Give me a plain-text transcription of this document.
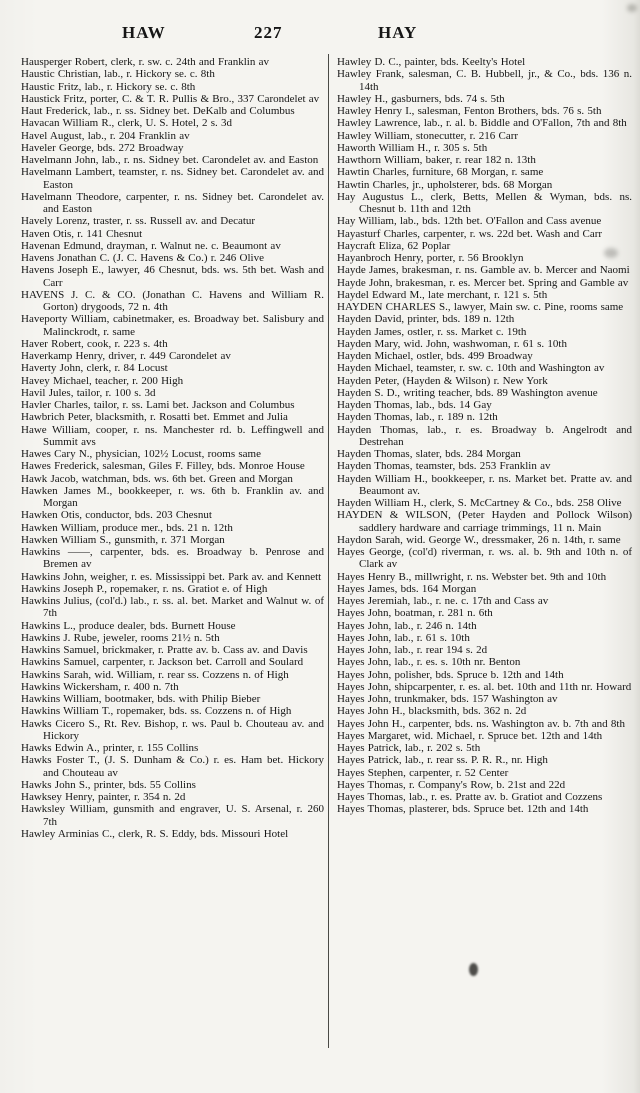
HAW	227	HAY

Hausperger Robert, clerk, r. sw. c. 24th and Franklin av

Haustic Christian, lab., r. Hickory se. c. 8th

Haustic Fritz, lab., r. Hickory se. c. 8th

Haustick Fritz, porter, C. & T. R. Pullis & Bro., 337 Carondelet av

Haut Frederick, lab., r. ss. Sidney bet. DeKalb and Columbus

Havacan William R., clerk, U. S. Hotel, 2 s. 3d

Havel August, lab., r. 204 Franklin av

Haveler George, bds. 272 Broadway

Havelmann John, lab., r. ns. Sidney bet. Carondelet av. and Easton

Havelmann Lambert, teamster, r. ns. Sidney bet. Carondelet av. and Easton

Havelmann Theodore, carpenter, r. ns. Sidney bet. Carondelet av. and Easton

Havely Lorenz, traster, r. ss. Russell av. and Decatur

Haven Otis, r. 141 Chesnut

Havenan Edmund, drayman, r. Walnut ne. c. Beaumont av

Havens Jonathan C. (J. C. Havens & Co.) r. 246 Olive

Havens Joseph E., lawyer, 46 Chesnut, bds. ws. 5th bet. Wash and Carr

HAVENS J. C. & CO. (Jonathan C. Havens and William R. Gorton) drygoods, 72 n. 4th

Haveporty William, cabinetmaker, es. Broadway bet. Salisbury and Malinckrodt, r. same

Haver Robert, cook, r. 223 s. 4th

Haverkamp Henry, driver, r. 449 Carondelet av

Haverty John, clerk, r. 84 Locust

Havey Michael, teacher, r. 200 High

Havil Jules, tailor, r. 100 s. 3d

Havler Charles, tailor, r. ss. Lami bet. Jackson and Columbus

Hawbrich Peter, blacksmith, r. Rosatti bet. Emmet and Julia

Hawe William, cooper, r. ns. Manchester rd. b. Leffingwell and Summit avs

Hawes Cary N., physician, 102½ Locust, rooms same

Hawes Frederick, salesman, Giles F. Filley, bds. Monroe House

Hawk Jacob, watchman, bds. ws. 6th bet. Green and Morgan

Hawken James M., bookkeeper, r. ws. 6th b. Franklin av. and Morgan

Hawken Otis, conductor, bds. 203 Chesnut

Hawken William, produce mer., bds. 21 n. 12th

Hawken William S., gunsmith, r. 371 Morgan

Hawkins ——, carpenter, bds. es. Broadway b. Penrose and Bremen av

Hawkins John, weigher, r. es. Mississippi bet. Park av. and Kennett

Hawkins Joseph P., ropemaker, r. ns. Gratiot e. of High

Hawkins Julius, (col'd.) lab., r. ss. al. bet. Market and Walnut w. of 7th

Hawkins L., produce dealer, bds. Burnett House

Hawkins J. Rube, jeweler, rooms 21½ n. 5th

Hawkins Samuel, brickmaker, r. Pratte av. b. Cass av. and Davis

Hawkins Samuel, carpenter, r. Jackson bet. Carroll and Soulard

Hawkins Sarah, wid. William, r. rear ss. Cozzens n. of High

Hawkins Wickersham, r. 400 n. 7th

Hawkins William, bootmaker, bds. with Philip Bieber

Hawkins William T., ropemaker, bds. ss. Cozzens n. of High

Hawks Cicero S., Rt. Rev. Bishop, r. ws. Paul b. Chouteau av. and Hickory

Hawks Edwin A., printer, r. 155 Collins

Hawks Foster T., (J. S. Dunham & Co.) r. es. Ham bet. Hickory and Chouteau av

Hawks John S., printer, bds. 55 Collins

Hawksey Henry, painter, r. 354 n. 2d

Hawksley William, gunsmith and engraver, U. S. Arsenal, r. 260 7th

Hawley Arminias C., clerk, R. S. Eddy, bds. Missouri Hotel

Hawley D. C., painter, bds. Keelty's Hotel

Hawley Frank, salesman, C. B. Hubbell, jr., & Co., bds. 136 n. 14th

Hawley H., gasburners, bds. 74 s. 5th

Hawley Henry I., salesman, Fenton Brothers, bds. 76 s. 5th

Hawley Lawrence, lab., r. al. b. Biddle and O'Fallon, 7th and 8th

Hawley William, stonecutter, r. 216 Carr

Haworth William H., r. 305 s. 5th

Hawthorn William, baker, r. rear 182 n. 13th

Hawtin Charles, furniture, 68 Morgan, r. same

Hawtin Charles, jr., upholsterer, bds. 68 Morgan

Hay Augustus L., clerk, Betts, Mellen & Wyman, bds. ns. Chesnut b. 11th and 12th

Hay William, lab., bds. 12th bet. O'Fallon and Cass avenue

Hayasturf Charles, carpenter, r. ws. 22d bet. Wash and Carr

Haycraft Eliza, 62 Poplar

Hayanbroch Henry, porter, r. 56 Brooklyn

Hayde James, brakesman, r. ns. Gamble av. b. Mercer and Naomi

Hayde John, brakesman, r. es. Mercer bet. Spring and Gamble av

Haydel Edward M., late merchant, r. 121 s. 5th

HAYDEN CHARLES S., lawyer, Main sw. c. Pine, rooms same

Hayden David, printer, bds. 189 n. 12th

Hayden James, ostler, r. ss. Market c. 19th

Hayden Mary, wid. John, washwoman, r. 61 s. 10th

Hayden Michael, ostler, bds. 499 Broadway

Hayden Michael, teamster, r. sw. c. 10th and Washington av

Hayden Peter, (Hayden & Wilson) r. New York

Hayden S. D., writing teacher, bds. 89 Washington avenue

Hayden Thomas, lab., bds. 14 Gay

Hayden Thomas, lab., r. 189 n. 12th

Hayden Thomas, lab., r. es. Broadway b. Angelrodt and Destrehan

Hayden Thomas, slater, bds. 284 Morgan

Hayden Thomas, teamster, bds. 253 Franklin av

Hayden William H., bookkeeper, r. ns. Market bet. Pratte av. and Beaumont av.

Hayden William H., clerk, S. McCartney & Co., bds. 258 Olive

HAYDEN & WILSON, (Peter Hayden and Pollock Wilson) saddlery hardware and carriage trimmings, 11 n. Main

Haydon Sarah, wid. George W., dressmaker, 26 n. 14th, r. same

Hayes George, (col'd) riverman, r. ws. al. b. 9th and 10th n. of Clark av

Hayes Henry B., millwright, r. ns. Webster bet. 9th and 10th

Hayes James, bds. 164 Morgan

Hayes Jeremiah, lab., r. ne. c. 17th and Cass av

Hayes John, boatman, r. 281 n. 6th

Hayes John, lab., r. 246 n. 14th

Hayes John, lab., r. 61 s. 10th

Hayes John, lab., r. rear 194 s. 2d

Hayes John, lab., r. es. s. 10th nr. Benton

Hayes John, polisher, bds. Spruce b. 12th and 14th

Hayes John, shipcarpenter, r. es. al. bet. 10th and 11th nr. Howard

Hayes John, trunkmaker, bds. 157 Washington av

Hayes John H., blacksmith, bds. 362 n. 2d

Hayes John H., carpenter, bds. ns. Washington av. b. 7th and 8th

Hayes Margaret, wid. Michael, r. Spruce bet. 12th and 14th

Hayes Patrick, lab., r. 202 s. 5th

Hayes Patrick, lab., r. rear ss. P. R. R., nr. High

Hayes Stephen, carpenter, r. 52 Center

Hayes Thomas, r. Company's Row, b. 21st and 22d

Hayes Thomas, lab., r. es. Pratte av. b. Gratiot and Cozzens

Hayes Thomas, plasterer, bds. Spruce bet. 12th and 14th
